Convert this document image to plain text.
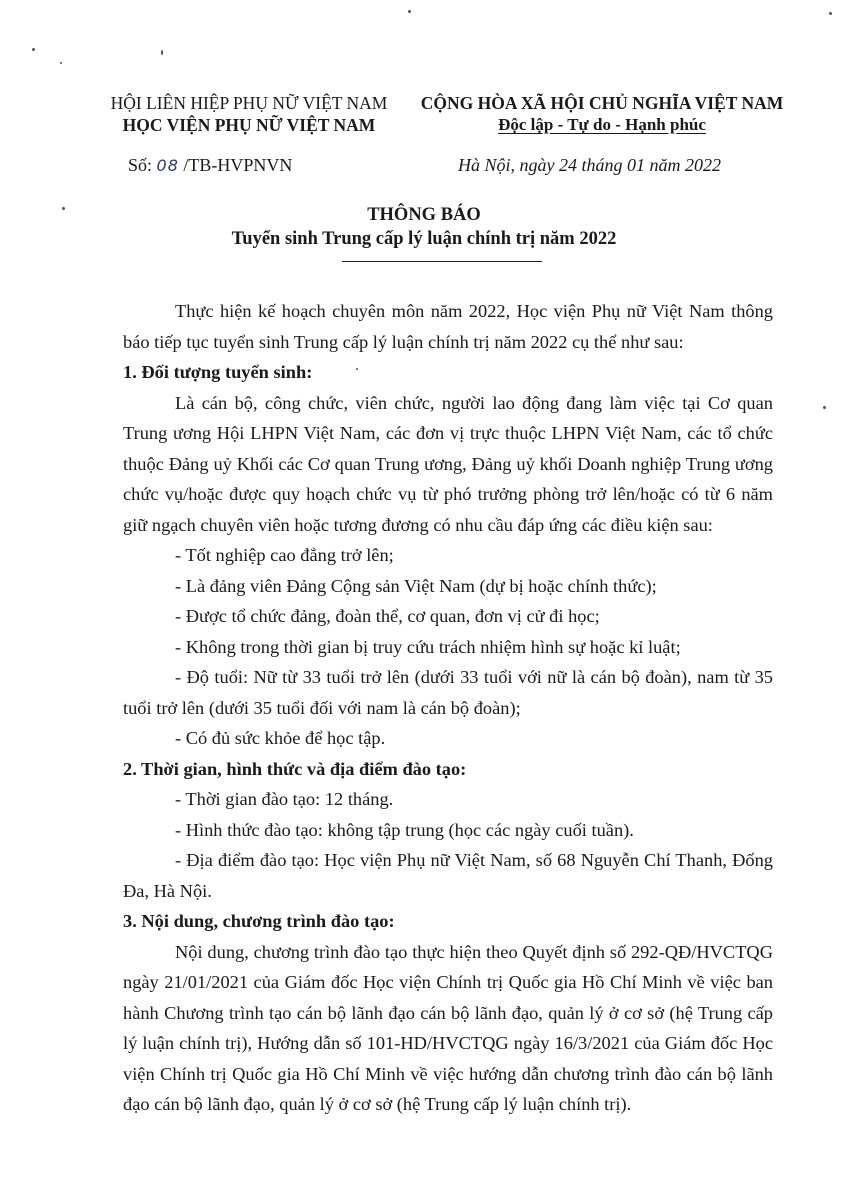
HỘI LIÊN HIỆP PHỤ NỮ VIỆT NAM
HỌC VIỆN PHỤ NỮ VIỆT NAM
CỘNG HÒA XÃ HỘI CHỦ NGHĨA VIỆT NAM
Độc lập - Tự do - Hạnh phúc
Số: 08 /TB-HVPNVN	Hà Nội, ngày 24 tháng 01 năm 2022
THÔNG BÁO
Tuyển sinh Trung cấp lý luận chính trị năm 2022

Thực hiện kế hoạch chuyên môn năm 2022, Học viện Phụ nữ Việt Nam thông báo tiếp tục tuyển sinh Trung cấp lý luận chính trị năm 2022 cụ thể như sau:

1. Đối tượng tuyển sinh:

Là cán bộ, công chức, viên chức, người lao động đang làm việc tại Cơ quan Trung ương Hội LHPN Việt Nam, các đơn vị trực thuộc LHPN Việt Nam, các tổ chức thuộc Đảng uỷ Khối các Cơ quan Trung ương, Đảng uỷ khối Doanh nghiệp Trung ương chức vụ/hoặc được quy hoạch chức vụ từ phó trưởng phòng trở lên/hoặc có từ 6 năm giữ ngạch chuyên viên hoặc tương đương có nhu cầu đáp ứng các điều kiện sau:

- Tốt nghiệp cao đẳng trở lên;

- Là đảng viên Đảng Cộng sản Việt Nam (dự bị hoặc chính thức);

- Được tổ chức đảng, đoàn thể, cơ quan, đơn vị cử đi học;

- Không trong thời gian bị truy cứu trách nhiệm hình sự hoặc kỉ luật;

- Độ tuổi: Nữ từ 33 tuổi trở lên (dưới 33 tuổi với nữ là cán bộ đoàn), nam từ 35 tuổi trở lên (dưới 35 tuổi đối với nam là cán bộ đoàn);

- Có đủ sức khỏe để học tập.

2. Thời gian, hình thức và địa điểm đào tạo:

- Thời gian đào tạo: 12 tháng.

- Hình thức đào tạo: không tập trung (học các ngày cuối tuần).

- Địa điểm đào tạo: Học viện Phụ nữ Việt Nam, số 68 Nguyễn Chí Thanh, Đống Đa, Hà Nội.

3. Nội dung, chương trình đào tạo:

Nội dung, chương trình đào tạo thực hiện theo Quyết định số 292-QĐ/HVCTQG ngày 21/01/2021 của Giám đốc Học viện Chính trị Quốc gia Hồ Chí Minh về việc ban hành Chương trình tạo cán bộ lãnh đạo cán bộ lãnh đạo, quản lý ở cơ sở (hệ Trung cấp lý luận chính trị), Hướng dẫn số 101-HD/HVCTQG ngày 16/3/2021 của Giám đốc Học viện Chính trị Quốc gia Hồ Chí Minh về việc hướng dẫn chương trình đào cán bộ lãnh đạo cán bộ lãnh đạo, quản lý ở cơ sở (hệ Trung cấp lý luận chính trị).
